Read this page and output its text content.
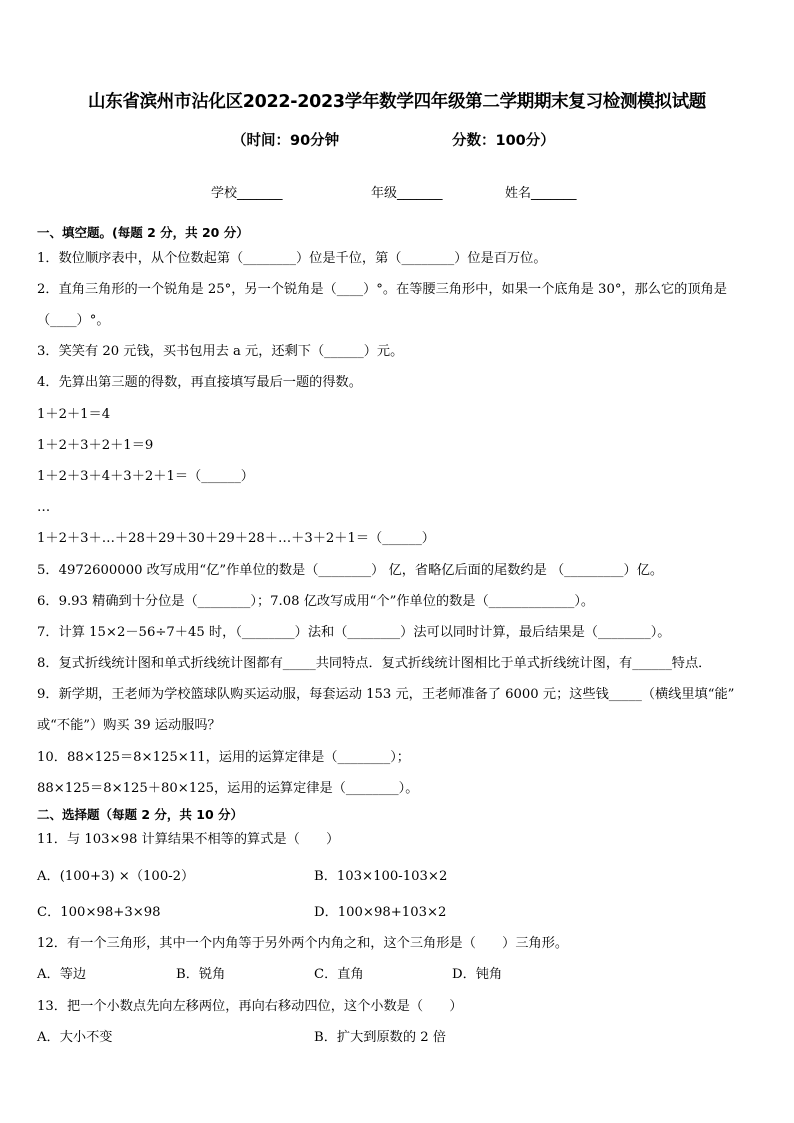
山东省滨州市沾化区2022-2023学年数学四年级第二学期期末复习检测模拟试题
（时间：90分钟	分数：100分）
学校_______	年级_______	姓名_______
一、填空题。(每题 2 分，共 20 分）
1．数位顺序表中，从个位数起第（________）位是千位，第（________）位是百万位。
2．直角三角形的一个锐角是 25°，另一个锐角是（____）°。在等腰三角形中，如果一个底角是 30°，那么它的顶角是
（____）°。
3．笑笑有 20 元钱，买书包用去 a 元，还剩下（______）元。
4．先算出第三题的得数，再直接填写最后一题的得数。
1＋2＋1＝4
1＋2＋3＋2＋1＝9
1＋2＋3＋4＋3＋2＋1＝（______）
…
1＋2＋3＋…＋28＋29＋30＋29＋28＋…＋3＋2＋1＝（______）
5．4972600000 改写成用“亿”作单位的数是（________） 亿，省略亿后面的尾数约是 （_________）亿。
6．9.93 精确到十分位是（________）；7.08 亿改写成用“个”作单位的数是（_____________）。
7．计算 15×2－56÷7＋45 时，（________）法和（________）法可以同时计算，最后结果是（________）。
8．复式折线统计图和单式折线统计图都有_____共同特点．复式折线统计图相比于单式折线统计图，有______特点．
9．新学期，王老师为学校篮球队购买运动服，每套运动 153 元，王老师准备了 6000 元；这些钱_____（横线里填“能”
或“不能”）购买 39 运动服吗？
10．88×125＝8×125×11，运用的运算定律是（________）；
88×125＝8×125＋80×125，运用的运算定律是（________）。
二、选择题（每题 2 分，共 10 分）
11．与 103×98 计算结果不相等的算式是（　　）
A．(100+3) ×（100-2）	B．103×100-103×2
C．100×98+3×98	D．100×98+103×2
12．有一个三角形，其中一个内角等于另外两个内角之和，这个三角形是（　　）三角形。
A．等边	B．锐角	C．直角	D．钝角
13．把一个小数点先向左移两位，再向右移动四位，这个小数是（　　）
A．大小不变	B．扩大到原数的 2 倍
